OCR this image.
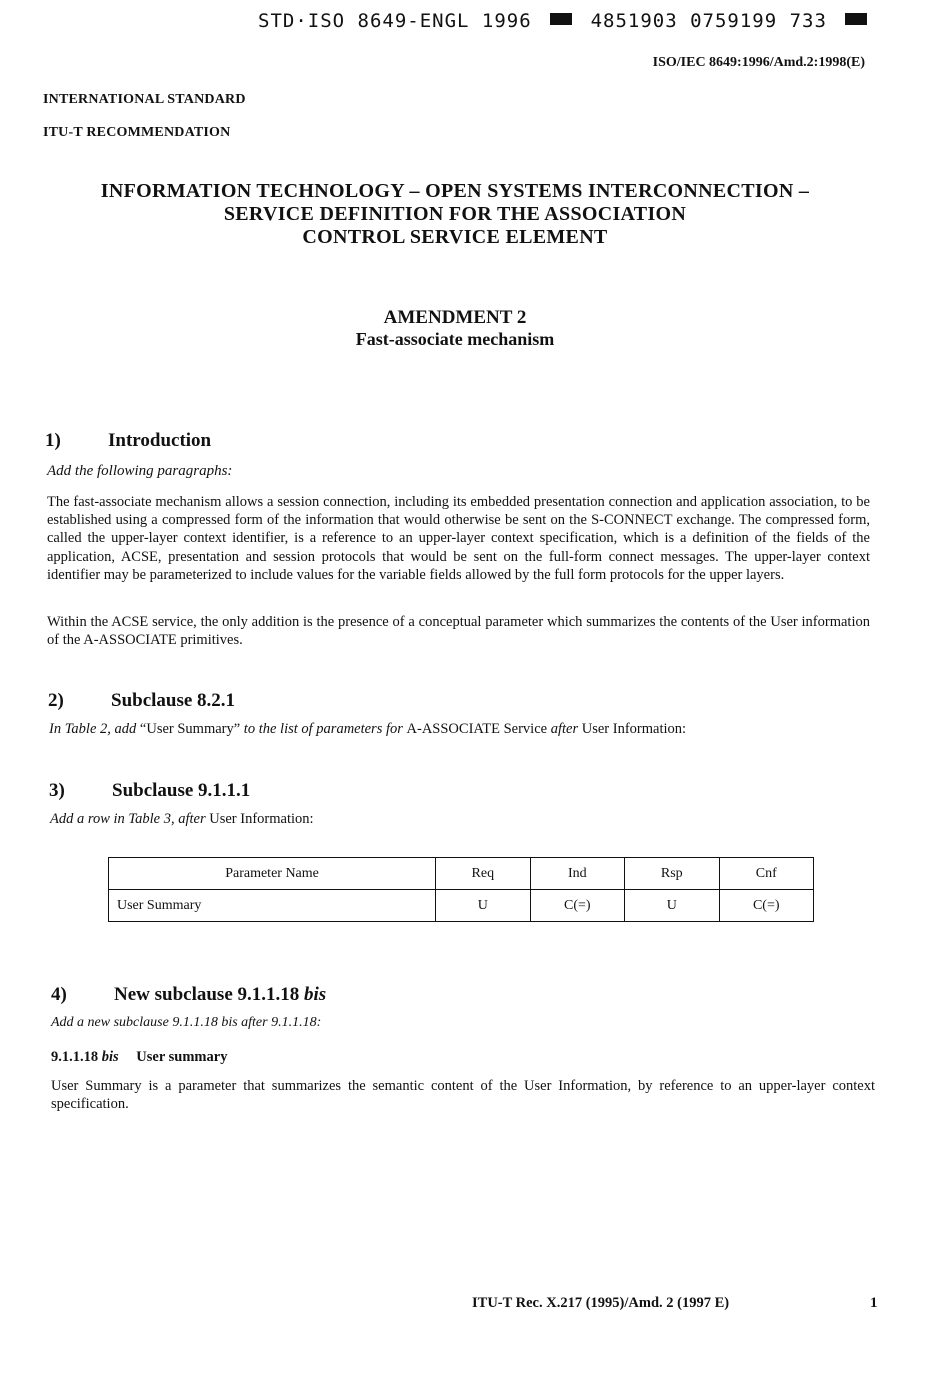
STD·ISO 8649-ENGL 1996	4851903 0759199 733
ISO/IEC 8649:1996/Amd.2:1998(E)
INTERNATIONAL STANDARD
ITU-T RECOMMENDATION
INFORMATION TECHNOLOGY – OPEN SYSTEMS INTERCONNECTION –
SERVICE DEFINITION FOR THE ASSOCIATION
CONTROL SERVICE ELEMENT
AMENDMENT 2
Fast-associate mechanism
1) Introduction
Add the following paragraphs:
The fast-associate mechanism allows a session connection, including its embedded presentation connection and application association, to be established using a compressed form of the information that would otherwise be sent on the S-CONNECT exchange. The compressed form, called the upper-layer context identifier, is a reference to an upper-layer context specification, which is a definition of the fields of the application, ACSE, presentation and session protocols that would be sent on the full-form connect messages. The upper-layer context identifier may be parameterized to include values for the variable fields allowed by the full form protocols for the upper layers.
Within the ACSE service, the only addition is the presence of a conceptual parameter which summarizes the contents of the User information of the A-ASSOCIATE primitives.
2) Subclause 8.2.1
In Table 2, add “User Summary” to the list of parameters for A-ASSOCIATE Service after User Information:
3) Subclause 9.1.1.1
Add a row in Table 3, after User Information:
Parameter Name	Req	Ind	Rsp	Cnf
User Summary	U	C(=)	U	C(=)
4) New subclause 9.1.1.18 bis
Add a new subclause 9.1.1.18 bis after 9.1.1.18:
9.1.1.18 bis User summary
User Summary is a parameter that summarizes the semantic content of the User Information, by reference to an upper-layer context specification.
ITU-T Rec. X.217 (1995)/Amd. 2 (1997 E)	1
